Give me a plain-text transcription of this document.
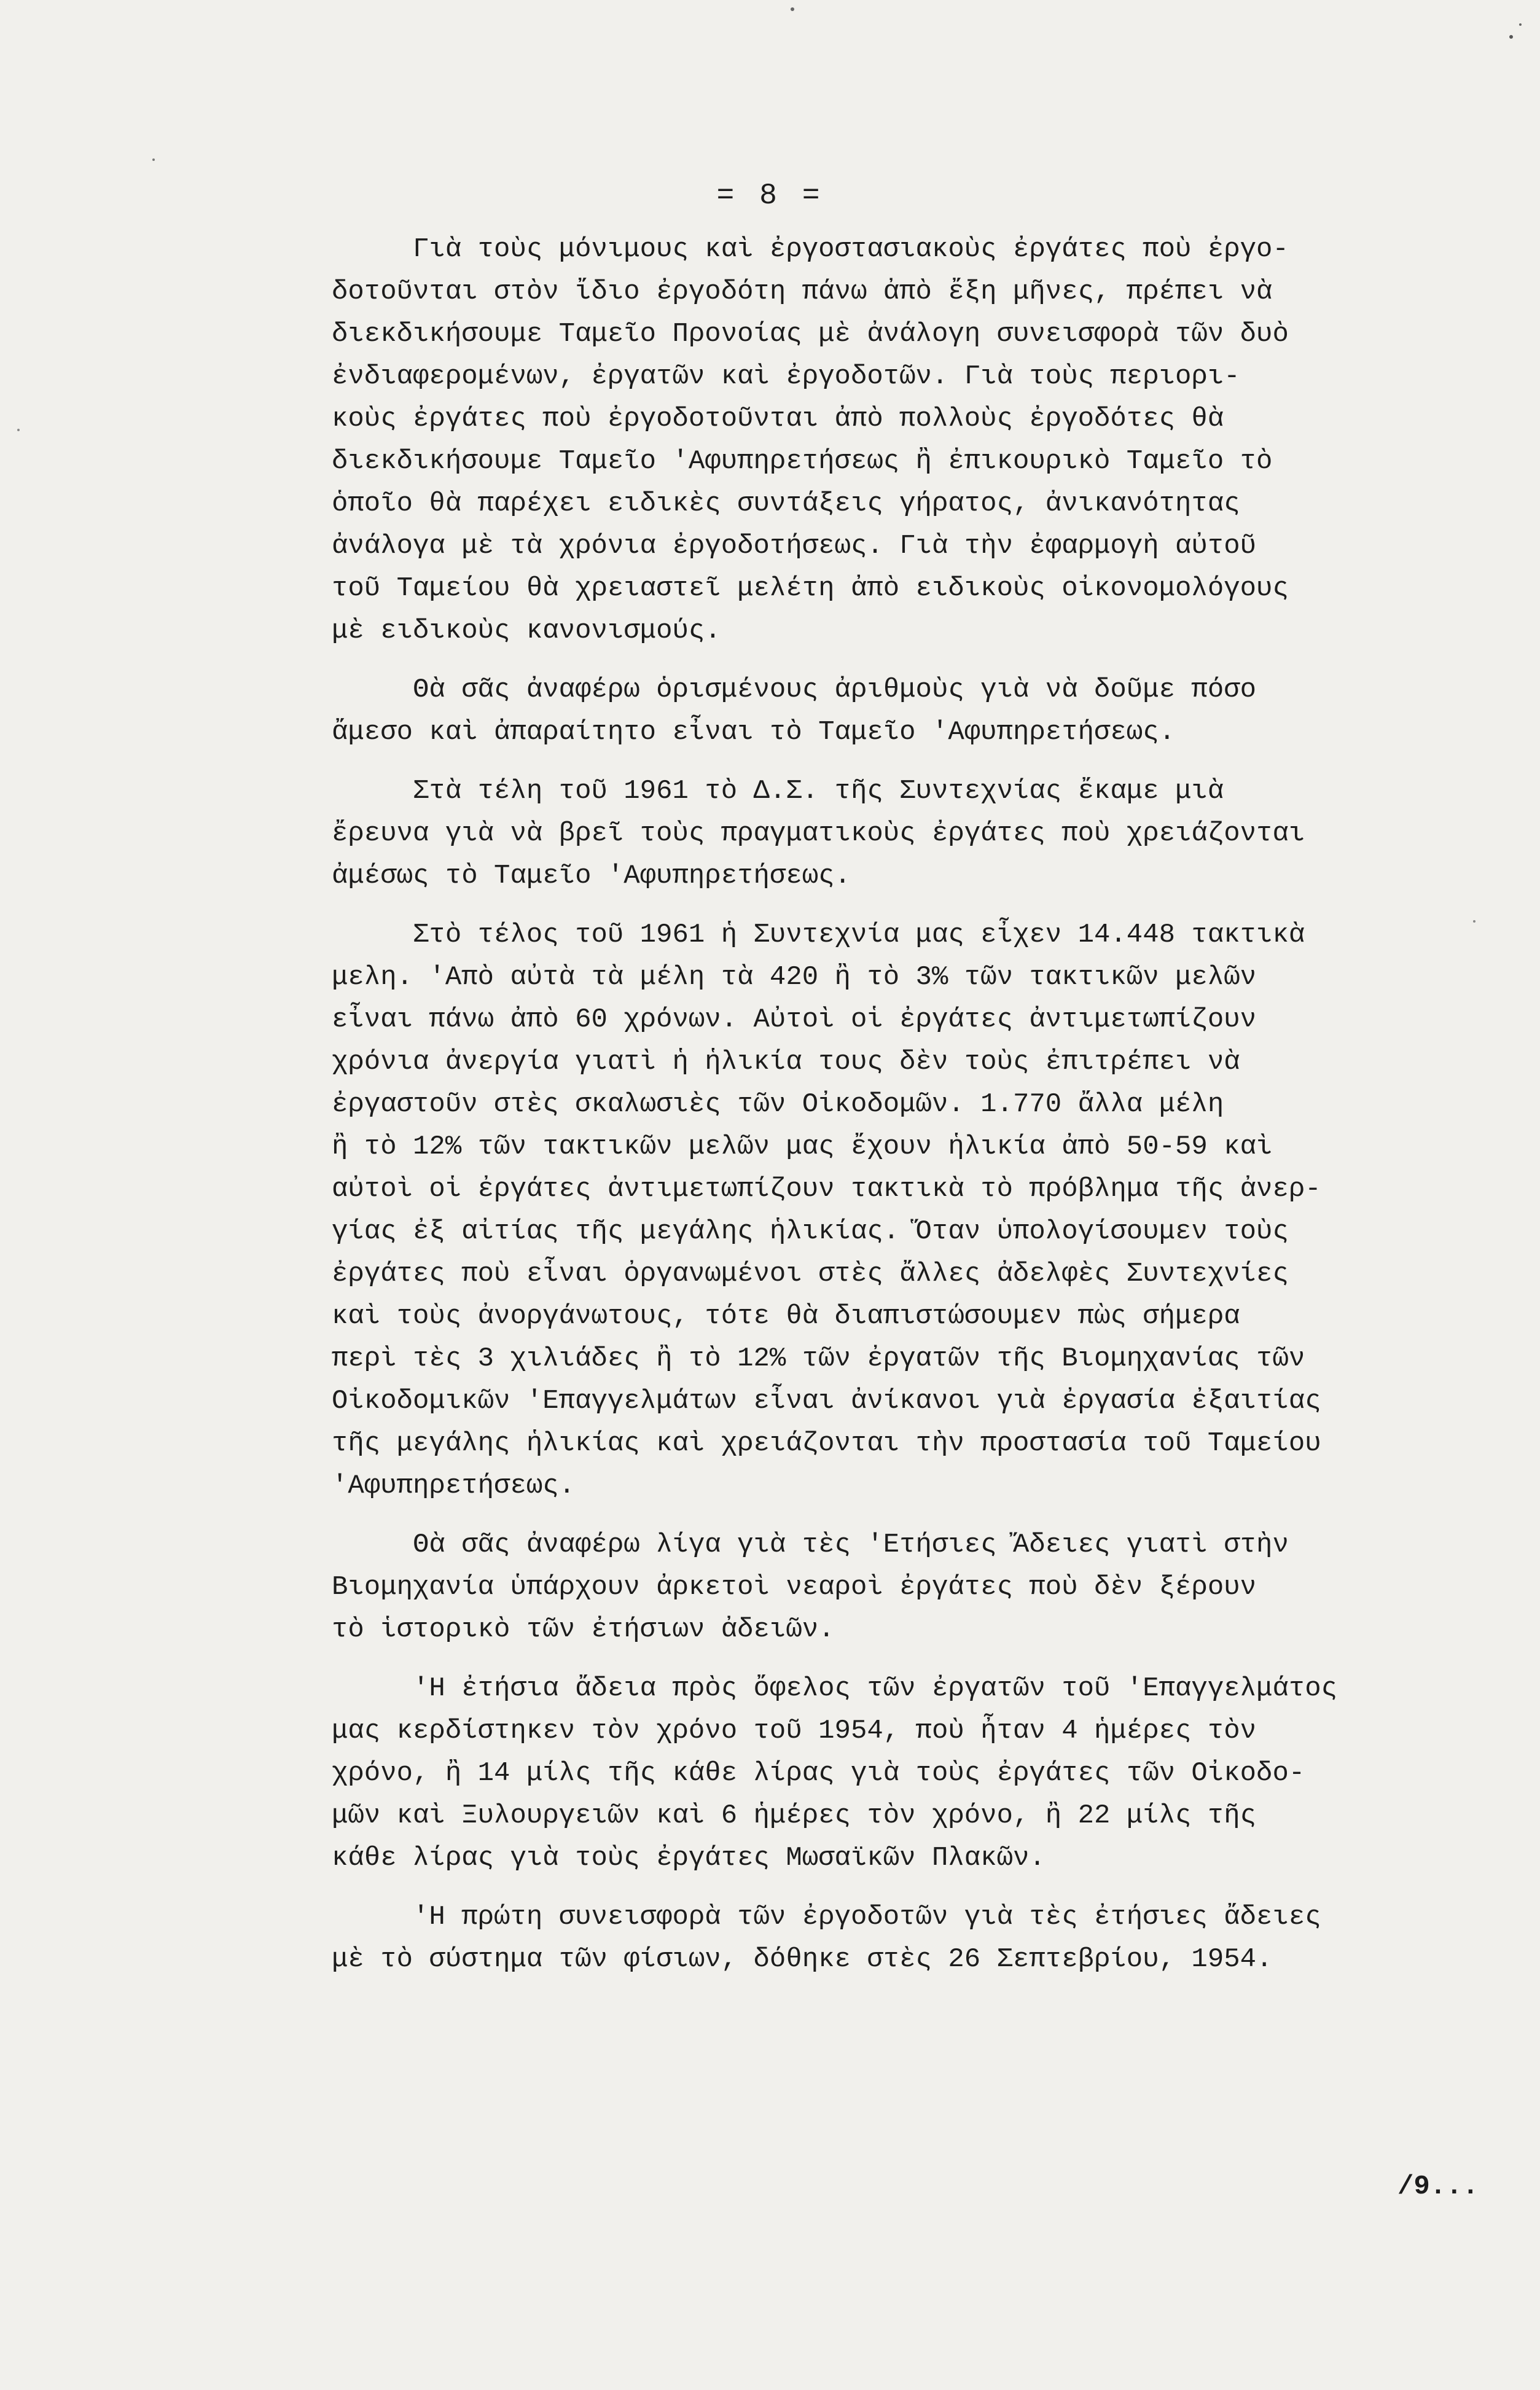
= 8 =

Γιὰ τοὺς μόνιμους καὶ ἐργοστασιακοὺς ἐργάτες ποὺ ἐργο-
δοτοῦνται στὸν ἴδιο ἐργοδότη πάνω ἀπὸ ἔξη μῆνες, πρέπει νὰ
διεκδικήσουμε Ταμεῖο Προνοίας μὲ ἀνάλογη συνεισφορὰ τῶν δυὸ
ἐνδιαφερομένων, ἐργατῶν καὶ ἐργοδοτῶν. Γιὰ τοὺς περιορι-
κοὺς ἐργάτες ποὺ ἐργοδοτοῦνται ἀπὸ πολλοὺς ἐργοδότες θὰ
διεκδικήσουμε Ταμεῖο 'Αφυπηρετήσεως ἢ ἐπικουρικὸ Ταμεῖο τὸ
ὁποῖο θὰ παρέχει ειδικὲς συντάξεις γήρατος, ἀνικανότητας
ἀνάλογα μὲ τὰ χρόνια ἐργοδοτήσεως. Γιὰ τὴν ἐφαρμογὴ αὐτοῦ
τοῦ Ταμείου θὰ χρειαστεῖ μελέτη ἀπὸ ειδικοὺς οἰκονομολόγους
μὲ ειδικοὺς κανονισμούς.

Θὰ σᾶς ἀναφέρω ὁρισμένους ἀριθμοὺς γιὰ νὰ δοῦμε πόσο
ἄμεσο καὶ ἀπαραίτητο εἶναι τὸ Ταμεῖο 'Αφυπηρετήσεως.

Στὰ τέλη τοῦ 1961 τὸ Δ.Σ. τῆς Συντεχνίας ἔκαμε μιὰ
ἔρευνα γιὰ νὰ βρεῖ τοὺς πραγματικοὺς ἐργάτες ποὺ χρειάζονται
ἀμέσως τὸ Ταμεῖο 'Αφυπηρετήσεως.

Στὸ τέλος τοῦ 1961 ἡ Συντεχνία μας εἶχεν 14.448 τακτικὰ
μελη. 'Απὸ αὐτὰ τὰ μέλη τὰ 420 ἢ τὸ 3% τῶν τακτικῶν μελῶν
εἶναι πάνω ἀπὸ 60 χρόνων. Αὐτοὶ οἱ ἐργάτες ἀντιμετωπίζουν
χρόνια ἀνεργία γιατὶ ἡ ἡλικία τους δὲν τοὺς ἐπιτρέπει νὰ
ἐργαστοῦν στὲς σκαλωσιὲς τῶν Οἰκοδομῶν. 1.770 ἄλλα μέλη
ἢ τὸ 12% τῶν τακτικῶν μελῶν μας ἔχουν ἡλικία ἀπὸ 50-59 καὶ
αὐτοὶ οἱ ἐργάτες ἀντιμετωπίζουν τακτικὰ τὸ πρόβλημα τῆς ἀνερ-
γίας ἐξ αἰτίας τῆς μεγάλης ἡλικίας. Ὅταν ὑπολογίσουμεν τοὺς
ἐργάτες ποὺ εἶναι ὀργανωμένοι στὲς ἄλλες ἀδελφὲς Συντεχνίες
καὶ τοὺς ἀνοργάνωτους, τότε θὰ διαπιστώσουμεν πὼς σήμερα
περὶ τὲς 3 χιλιάδες ἢ τὸ 12% τῶν ἐργατῶν τῆς Βιομηχανίας τῶν
Οἰκοδομικῶν 'Επαγγελμάτων εἶναι ἀνίκανοι γιὰ ἐργασία ἐξαιτίας
τῆς μεγάλης ἡλικίας καὶ χρειάζονται τὴν προστασία τοῦ Ταμείου
'Αφυπηρετήσεως.

Θὰ σᾶς ἀναφέρω λίγα γιὰ τὲς 'Ετήσιες Ἄδειες γιατὶ στὴν
Βιομηχανία ὑπάρχουν ἀρκετοὶ νεαροὶ ἐργάτες ποὺ δὲν ξέρουν
τὸ ἱστορικὸ τῶν ἐτήσιων ἀδειῶν.

'Η ἐτήσια ἄδεια πρὸς ὄφελος τῶν ἐργατῶν τοῦ 'Επαγγελμάτος
μας κερδίστηκεν τὸν χρόνο τοῦ 1954, ποὺ ἦταν 4 ἡμέρες τὸν
χρόνο, ἢ 14 μίλς τῆς κάθε λίρας γιὰ τοὺς ἐργάτες τῶν Οἰκοδο-
μῶν καὶ Ξυλουργειῶν καὶ 6 ἡμέρες τὸν χρόνο, ἢ 22 μίλς τῆς
κάθε λίρας γιὰ τοὺς ἐργάτες Μωσαϊκῶν Πλακῶν.

'Η πρώτη συνεισφορὰ τῶν ἐργοδοτῶν γιὰ τὲς ἐτήσιες ἄδειες
μὲ τὸ σύστημα τῶν φίσιων, δόθηκε στὲς 26 Σεπτεβρίου, 1954.

/9...
